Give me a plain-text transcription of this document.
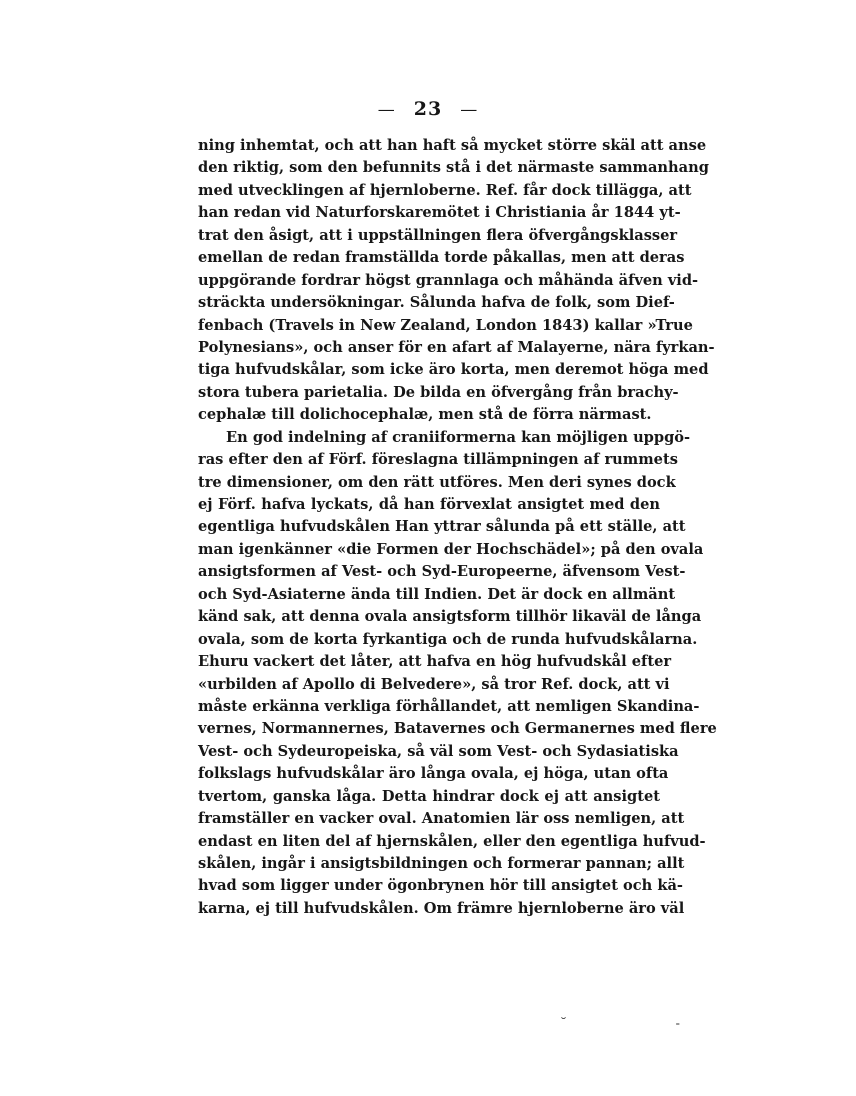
— 23 —
ning inhemtat, och att han haft så mycket större skäl att anse
den riktig, som den befunnits stå i det närmaste sammanhang
med utvecklingen af hjernloberne. Ref. får dock tillägga, att
han redan vid Naturforskaremötet i Christiania år 1844 yt-
trat den åsigt, att i uppställningen flera öfvergångsklasser
emellan de redan framställda torde påkallas, men att deras
uppgörande fordrar högst grannlaga och måhända äfven vid-
sträckta undersökningar. Sålunda hafva de folk, som Dief-
fenbach (Travels in New Zealand, London 1843) kallar »True
Polynesians», och anser för en afart af Malayerne, nära fyrkan-
tiga hufvudskålar, som icke äro korta, men deremot höga med
stora tubera parietalia. De bilda en öfvergång från brachy-
cephalæ till dolichocephalæ, men stå de förra närmast.
En god indelning af craniiformerna kan möjligen uppgö-
ras efter den af Förf. föreslagna tillämpningen af rummets
tre dimensioner, om den rätt utföres. Men deri synes dock
ej Förf. hafva lyckats, då han förvexlat ansigtet med den
egentliga hufvudskålen Han yttrar sålunda på ett ställe, att
man igenkänner «die Formen der Hochschädel»; på den ovala
ansigtsformen af Vest- och Syd-Europeerne, äfvensom Vest-
och Syd-Asiaterne ända till Indien. Det är dock en allmänt
känd sak, att denna ovala ansigtsform tillhör likaväl de långa
ovala, som de korta fyrkantiga och de runda hufvudskålarna.
Ehuru vackert det låter, att hafva en hög hufvudskål efter
«urbilden af Apollo di Belvedere», så tror Ref. dock, att vi
måste erkänna verkliga förhållandet, att nemligen Skandina-
vernes, Normannernes, Batavernes och Germanernes med flere
Vest- och Sydeuropeiska, så väl som Vest- och Sydasiatiska
folkslags hufvudskålar äro långa ovala, ej höga, utan ofta
tvertom, ganska låga. Detta hindrar dock ej att ansigtet
framställer en vacker oval. Anatomien lär oss nemligen, att
endast en liten del af hjernskålen, eller den egentliga hufvud-
skålen, ingår i ansigtsbildningen och formerar pannan; allt
hvad som ligger under ögonbrynen hör till ansigtet och kä-
karna, ej till hufvudskålen. Om främre hjernloberne äro väl
˘ ˗
